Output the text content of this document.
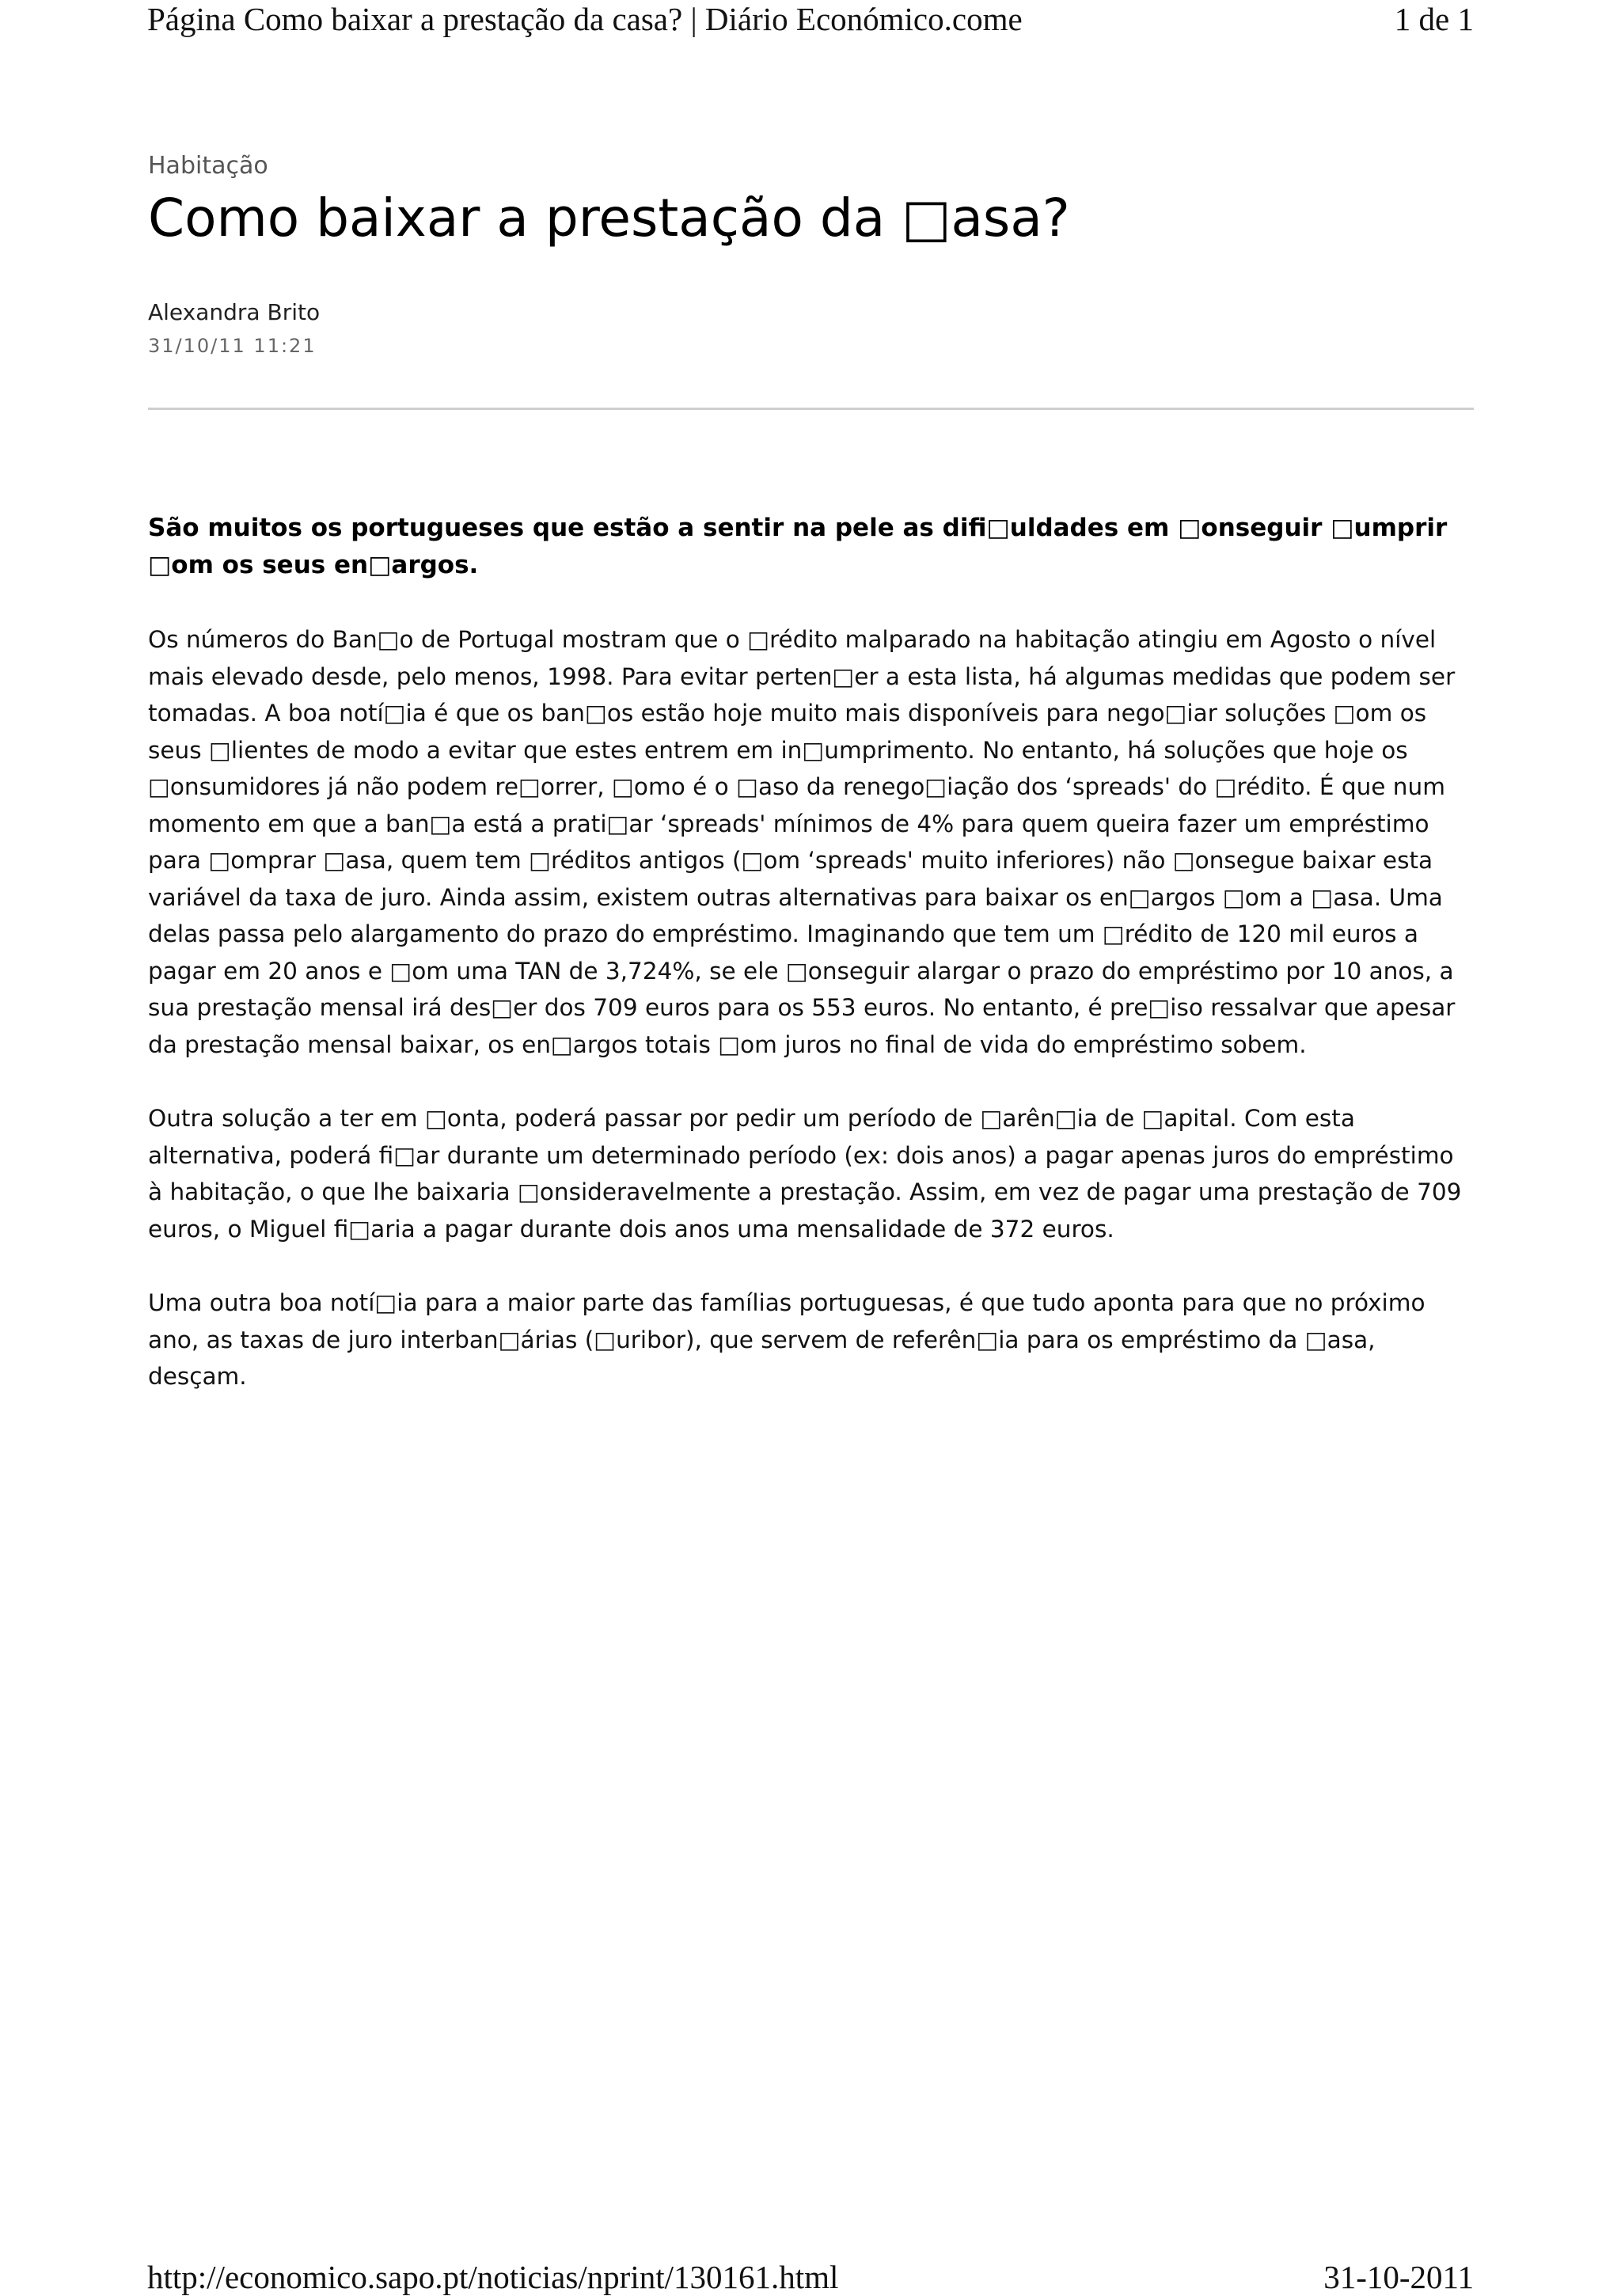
Página Como baixar a prestação da casa? | Diário Económico.come	1 de 1
Habitação
Como baixar a prestação da □asa?
Alexandra Brito
31/10/11 11:21
São muitos os portugueses que estão a sentir na pele as difi□uldades em □onseguir □umprir □om os seus en□argos.
Os números do Ban□o de Portugal mostram que o □rédito malparado na habitação atingiu em Agosto o nível mais elevado desde, pelo menos, 1998. Para evitar perten□er a esta lista, há algumas medidas que podem ser tomadas. A boa notí□ia é que os ban□os estão hoje muito mais disponíveis para nego□iar soluções □om os seus □lientes de modo a evitar que estes entrem em in□umprimento. No entanto, há soluções que hoje os □onsumidores já não podem re□orrer, □omo é o □aso da renego□iação dos ‘spreads' do □rédito. É que num momento em que a ban□a está a prati□ar ‘spreads' mínimos de 4% para quem queira fazer um empréstimo para □omprar □asa, quem tem □réditos antigos (□om ‘spreads' muito inferiores) não □onsegue baixar esta variável da taxa de juro. Ainda assim, existem outras alternativas para baixar os en□argos □om a □asa. Uma delas passa pelo alargamento do prazo do empréstimo. Imaginando que tem um □rédito de 120 mil euros a pagar em 20 anos e □om uma TAN de 3,724%, se ele □onseguir alargar o prazo do empréstimo por 10 anos, a sua prestação mensal irá des□er dos 709 euros para os 553 euros. No entanto, é pre□iso ressalvar que apesar da prestação mensal baixar, os en□argos totais □om juros no final de vida do empréstimo sobem.
Outra solução a ter em □onta, poderá passar por pedir um período de □arên□ia de □apital. Com esta alternativa, poderá fi□ar durante um determinado período (ex: dois anos) a pagar apenas juros do empréstimo à habitação, o que lhe baixaria □onsideravelmente a prestação. Assim, em vez de pagar uma prestação de 709 euros, o Miguel fi□aria a pagar durante dois anos uma mensalidade de 372 euros.
Uma outra boa notí□ia para a maior parte das famílias portuguesas, é que tudo aponta para que no próximo ano, as taxas de juro interban□árias (□uribor), que servem de referên□ia para os empréstimo da □asa, desçam.
http://economico.sapo.pt/noticias/nprint/130161.html	31-10-2011
